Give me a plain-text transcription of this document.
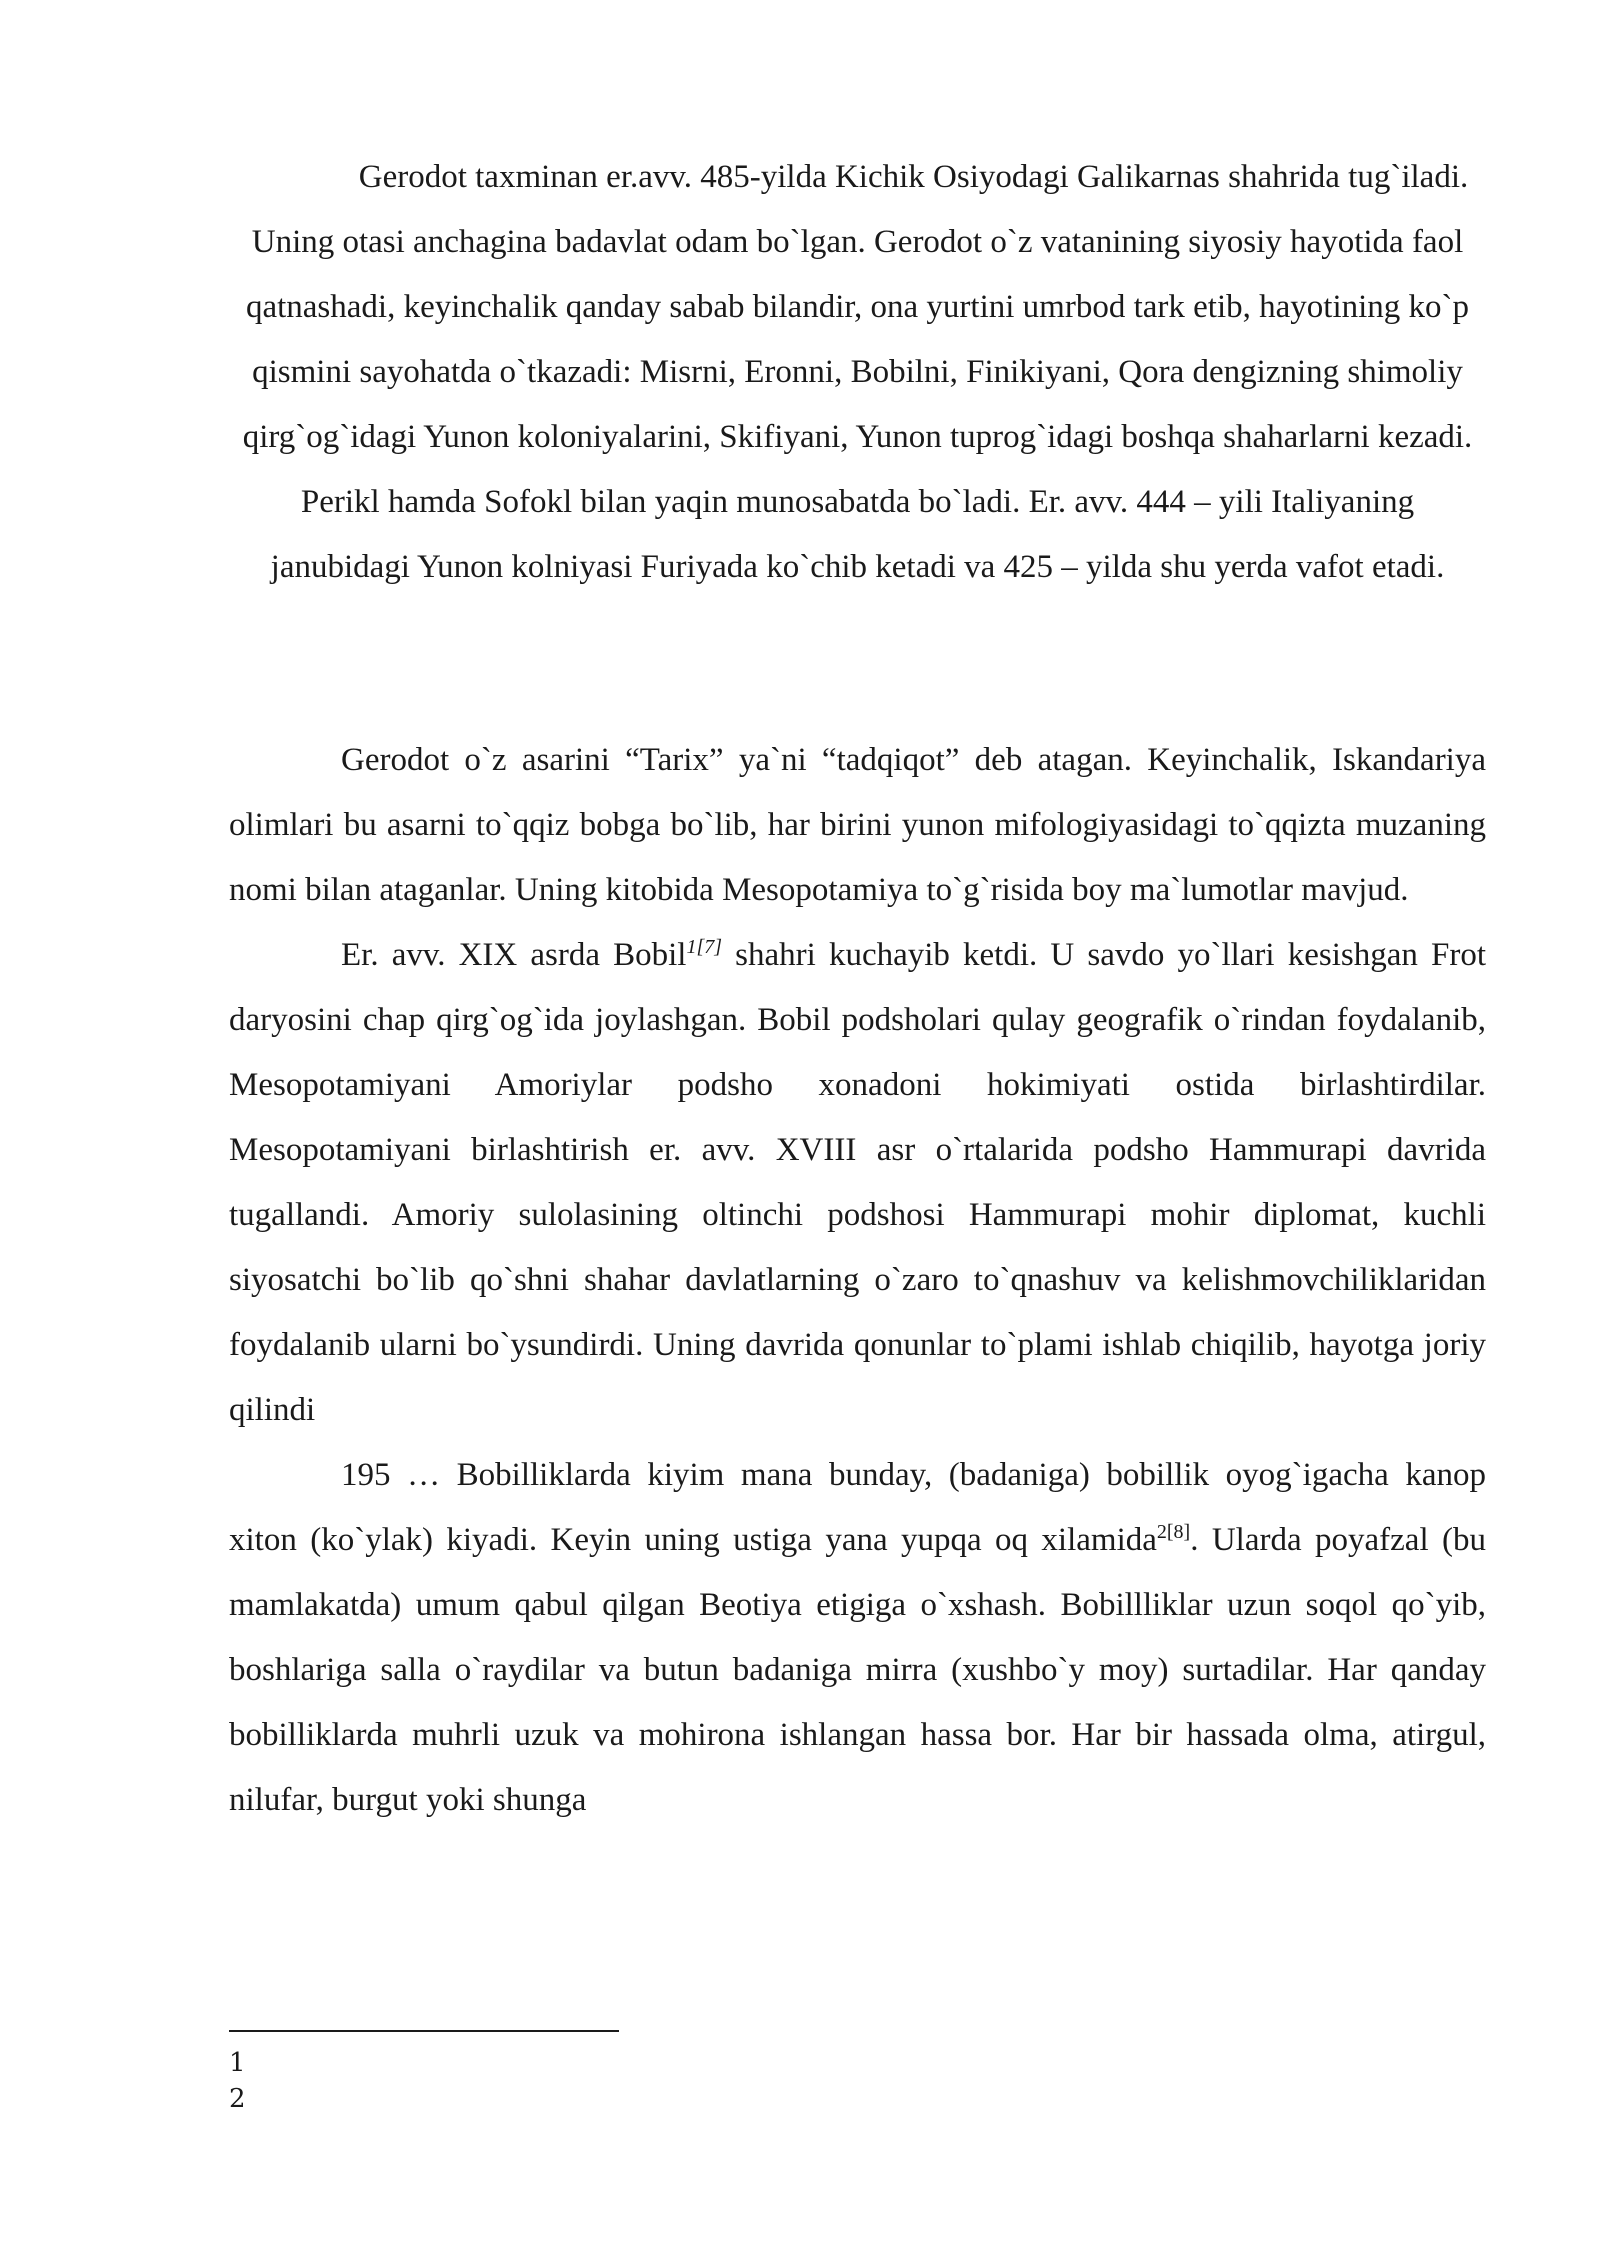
Gerodot taxminan er.avv. 485-yilda Kichik Osiyodagi Galikarnas shahrida tug`iladi. Uning otasi anchagina badavlat odam bo`lgan. Gerodot o`z vatanining siyosiy hayotida faol qatnashadi, keyinchalik qanday sabab bilandir, ona yurtini umrbod tark etib, hayotining ko`p qismini sayohatda o`tkazadi: Misrni, Eronni, Bobilni, Finikiyani, Qora dengizning shimoliy qirg`og`idagi Yunon koloniyalarini, Skifiyani, Yunon tuprog`idagi boshqa shaharlarni kezadi. Perikl hamda Sofokl bilan yaqin munosabatda bo`ladi. Er. avv. 444 – yili Italiyaning janubidagi Yunon kolniyasi Furiyada ko`chib ketadi va 425 – yilda shu yerda vafot etadi.

Gerodot o`z asarini “Tarix” ya`ni “tadqiqot” deb atagan. Keyinchalik, Iskandariya olimlari bu asarni to`qqiz bobga bo`lib, har birini yunon mifologiyasidagi to`qqizta muzaning nomi bilan ataganlar. Uning kitobida Mesopotamiya to`g`risida boy ma`lumotlar mavjud.

Er. avv. XIX asrda Bobil$^{1[7]}$ shahri kuchayib ketdi. U savdo yo`llari kesishgan Frot daryosini chap qirg`og`ida joylashgan. Bobil podsholari qulay geografik o`rindan foydalanib, Mesopotamiyani Amoriylar podsho xonadoni hokimiyati ostida birlashtirdilar. Mesopotamiyani birlashtirish er. avv. XVIII asr o`rtalarida podsho Hammurapi davrida tugallandi. Amoriy sulolasining oltinchi podshosi Hammurapi mohir diplomat, kuchli siyosatchi bo`lib qo`shni shahar davlatlarning o`zaro to`qnashuv va kelishmovchiliklaridan foydalanib ularni bo`ysundirdi. Uning davrida qonunlar to`plami ishlab chiqilib, hayotga joriy qilindi

195 … Bobilliklarda kiyim mana bunday, (badaniga) bobillik oyog`igacha kanop xiton (ko`ylak) kiyadi. Keyin uning ustiga yana yupqa oq xilamida$^{2[8]}$. Ularda poyafzal (bu mamlakatda) umum qabul qilgan Beotiya etigiga o`xshash. Bobillliklar uzun soqol qo`yib, boshlariga salla o`raydilar va butun badaniga mirra (xushbo`y moy) surtadilar. Har qanday bobilliklarda muhrli uzuk va mohirona ishlangan hassa bor. Har bir hassada olma, atirgul, nilufar, burgut yoki shunga

1
2
